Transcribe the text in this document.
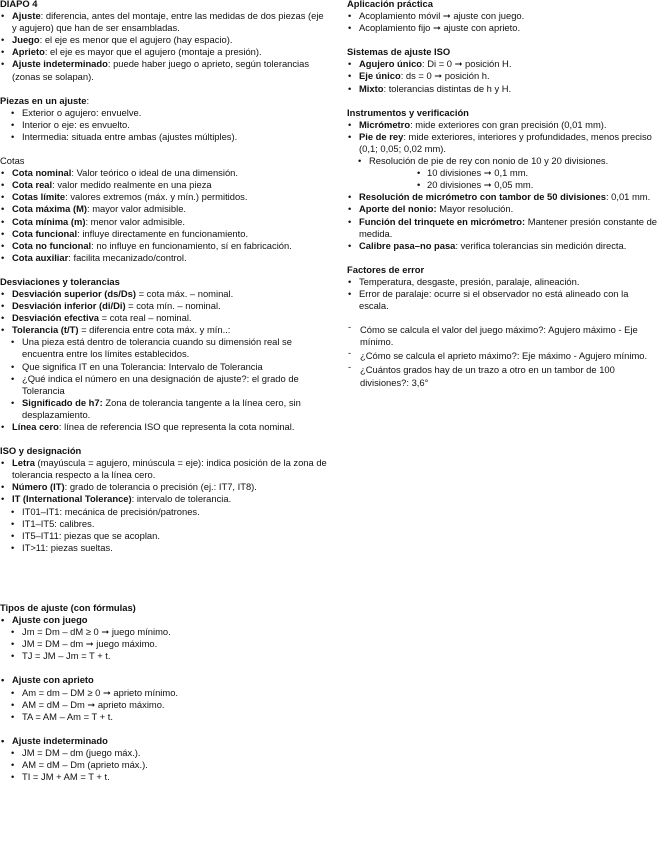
DIAPO 4
• Ajuste: diferencia, antes del montaje, entre las medidas de dos piezas (eje y agujero) que han de ser ensambladas.
• Juego: el eje es menor que el agujero (hay espacio).
• Aprieto: el eje es mayor que el agujero (montaje a presión).
• Ajuste indeterminado: puede haber juego o aprieto, según tolerancias (zonas se solapan).
Piezas en un ajuste:
• Exterior o agujero: envuelve.
• Interior o eje: es envuelto.
• Intermedia: situada entre ambas (ajustes múltiples).
Cotas
• Cota nominal: Valor teórico o ideal de una dimensión.
• Cota real: valor medido realmente en una pieza
• Cotas límite: valores extremos (máx. y mín.) permitidos.
• Cota máxima (M): mayor valor admisible.
• Cota mínima (m): menor valor admisible.
• Cota funcional: influye directamente en funcionamiento.
• Cota no funcional: no influye en funcionamiento, sí en fabricación.
• Cota auxiliar: facilita mecanizado/control.
Desviaciones y tolerancias
• Desviación superior (ds/Ds) = cota máx. – nominal.
• Desviación inferior (di/Di) = cota mín. – nominal.
• Desviación efectiva = cota real – nominal.
• Tolerancia (t/T) = diferencia entre cota máx. y mín..:
• Una pieza está dentro de tolerancia cuando su dimensión real se encuentra entre los límites establecidos.
• Que significa IT en una Tolerancia: Intervalo de Tolerancia
• ¿Qué indica el número en una designación de ajuste?: el grado de Tolerancia
• Significado de h7: Zona de tolerancia tangente a la línea cero, sin desplazamiento.
• Línea cero: línea de referencia ISO que representa la cota nominal.
ISO y designación
• Letra (mayúscula = agujero, minúscula = eje): indica posición de la zona de tolerancia respecto a la línea cero.
• Número (IT): grado de tolerancia o precisión (ej.: IT7, IT8).
• IT (International Tolerance): intervalo de tolerancia.
• IT01–IT1: mecánica de precisión/patrones.
• IT1–IT5: calibres.
• IT5–IT11: piezas que se acoplan.
• IT>11: piezas sueltas.
Tipos de ajuste (con fórmulas)
• Ajuste con juego
• Jm = Dm – dM ≥ 0 ➞ juego mínimo.
• JM = DM – dm ➞ juego máximo.
• TJ = JM – Jm = T + t.
• Ajuste con aprieto
• Am = dm – DM ≥ 0 ➞ aprieto mínimo.
• AM = dM – Dm ➞ aprieto máximo.
• TA = AM – Am = T + t.
• Ajuste indeterminado
• JM = DM – dm (juego máx.).
• AM = dM – Dm (aprieto máx.).
• TI = JM + AM = T + t.
Aplicación práctica
• Acoplamiento móvil ➞ ajuste con juego.
• Acoplamiento fijo ➞ ajuste con aprieto.
Sistemas de ajuste ISO
• Agujero único: Di = 0 ➞ posición H.
• Eje único: ds = 0 ➞ posición h.
• Mixto: tolerancias distintas de h y H.
Instrumentos y verificación
• Micrómetro: mide exteriores con gran precisión (0,01 mm).
• Pie de rey: mide exteriores, interiores y profundidades, menos preciso (0,1; 0,05; 0,02 mm).
• Resolución de pie de rey con nonio de 10 y 20 divisiones.
• 10 divisiones ➞ 0,1 mm.
• 20 divisiones ➞ 0,05 mm.
• Resolución de micrómetro con tambor de 50 divisiones: 0,01 mm.
• Aporte del nonio: Mayor resolución.
• Función del trinquete en micrómetro: Mantener presión constante de medida.
• Calibre pasa–no pasa: verifica tolerancias sin medición directa.
Factores de error
• Temperatura, desgaste, presión, paralaje, alineación.
• Error de paralaje: ocurre si el observador no está alineado con la escala.
‐ Cómo se calcula el valor del juego máximo?: Agujero máximo - Eje mínimo.
‐ ¿Cómo se calcula el aprieto máximo?: Eje máximo - Agujero mínimo.
‐ ¿Cuántos grados hay de un trazo a otro en un tambor de 100 divisiones?: 3,6°
